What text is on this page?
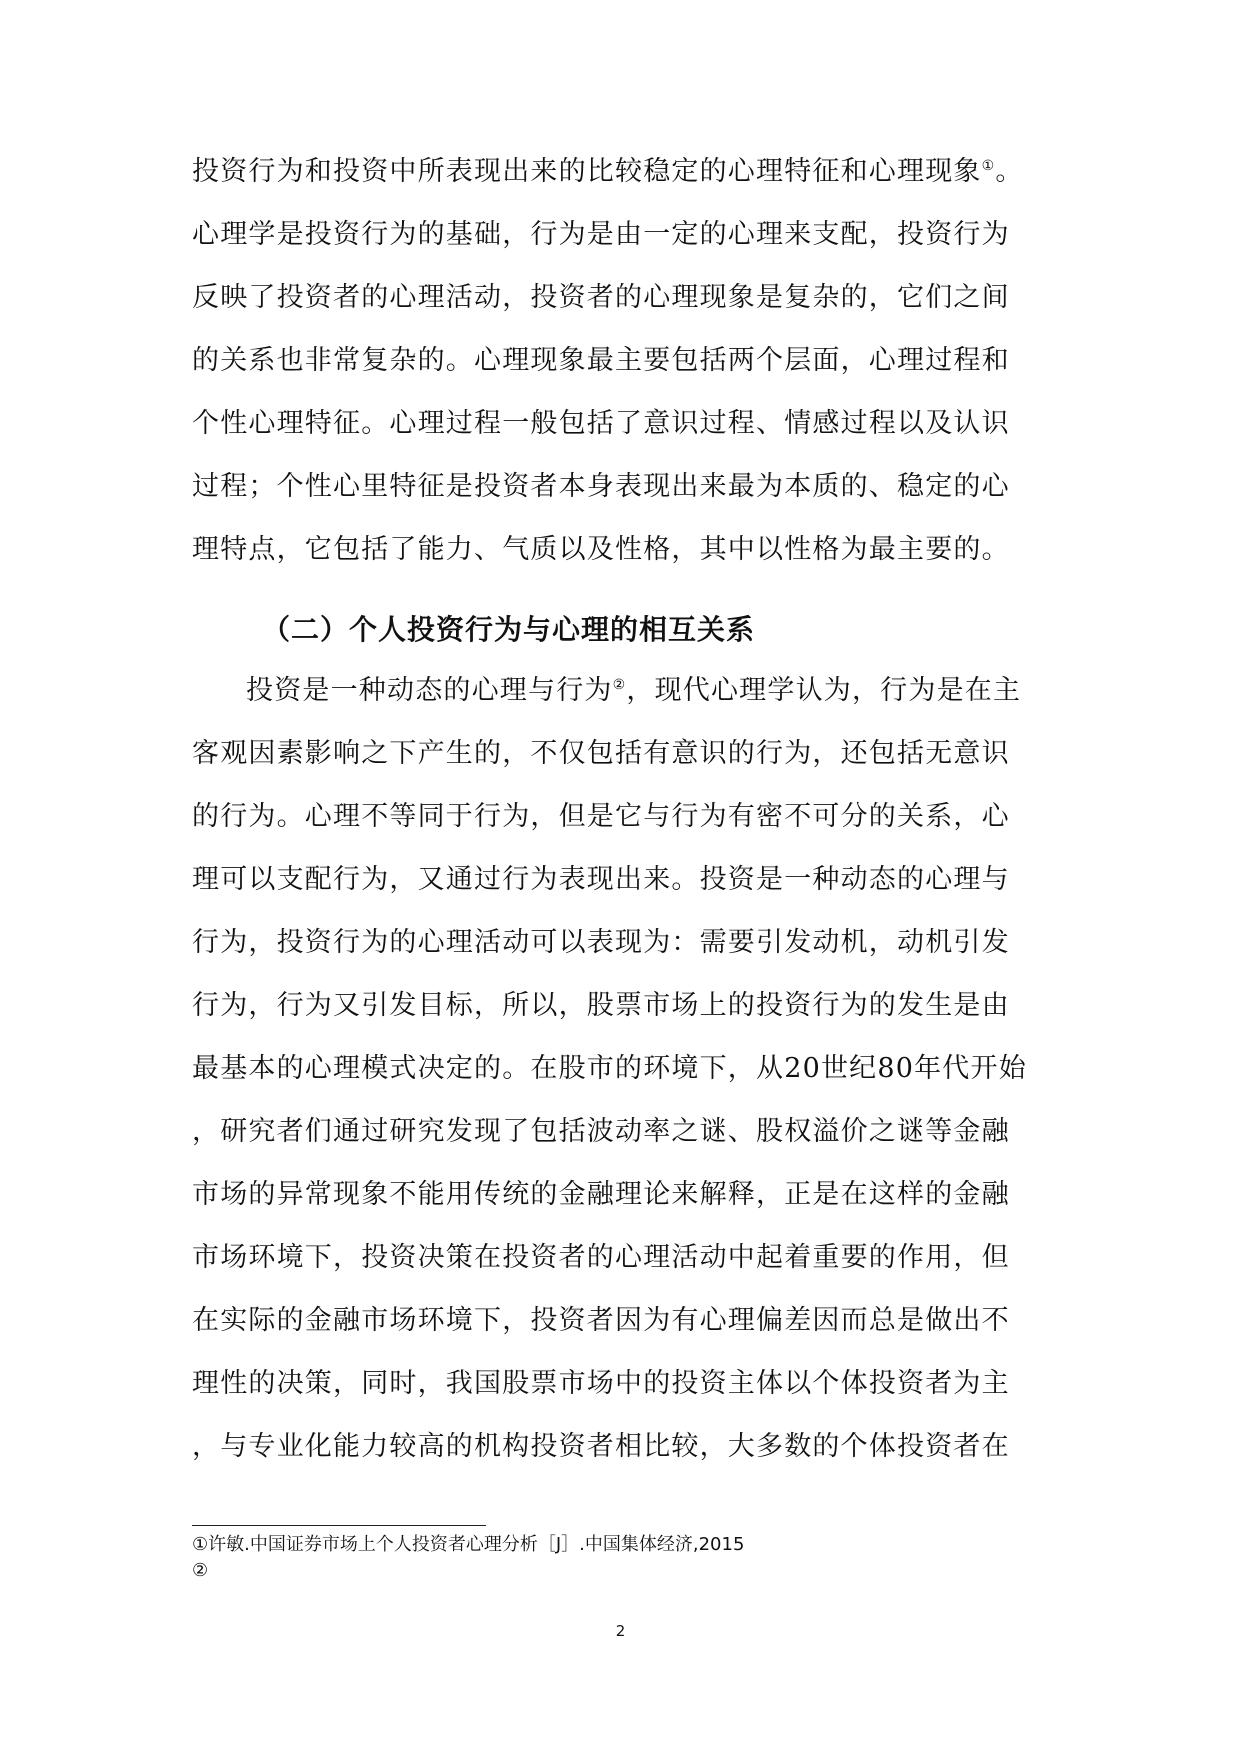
投资行为和投资中所表现出来的比较稳定的心理特征和心理现象①。
心理学是投资行为的基础，行为是由一定的心理来支配，投资行为
反映了投资者的心理活动，投资者的心理现象是复杂的，它们之间
的关系也非常复杂的。心理现象最主要包括两个层面，心理过程和
个性心理特征。心理过程一般包括了意识过程、情感过程以及认识
过程；个性心里特征是投资者本身表现出来最为本质的、稳定的心
理特点，它包括了能力、气质以及性格，其中以性格为最主要的。
（二）个人投资行为与心理的相互关系
投资是一种动态的心理与行为②，现代心理学认为，行为是在主
客观因素影响之下产生的，不仅包括有意识的行为，还包括无意识
的行为。心理不等同于行为，但是它与行为有密不可分的关系，心
理可以支配行为，又通过行为表现出来。投资是一种动态的心理与
行为，投资行为的心理活动可以表现为：需要引发动机，动机引发
行为，行为又引发目标，所以，股票市场上的投资行为的发生是由
最基本的心理模式决定的。在股市的环境下，从20世纪80年代开始
，研究者们通过研究发现了包括波动率之谜、股权溢价之谜等金融
市场的异常现象不能用传统的金融理论来解释，正是在这样的金融
市场环境下，投资决策在投资者的心理活动中起着重要的作用，但
在实际的金融市场环境下，投资者因为有心理偏差因而总是做出不
理性的决策，同时，我国股票市场中的投资主体以个体投资者为主
，与专业化能力较高的机构投资者相比较，大多数的个体投资者在
①许敏.中国证券市场上个人投资者心理分析［J］.中国集体经济,2015
②
2
